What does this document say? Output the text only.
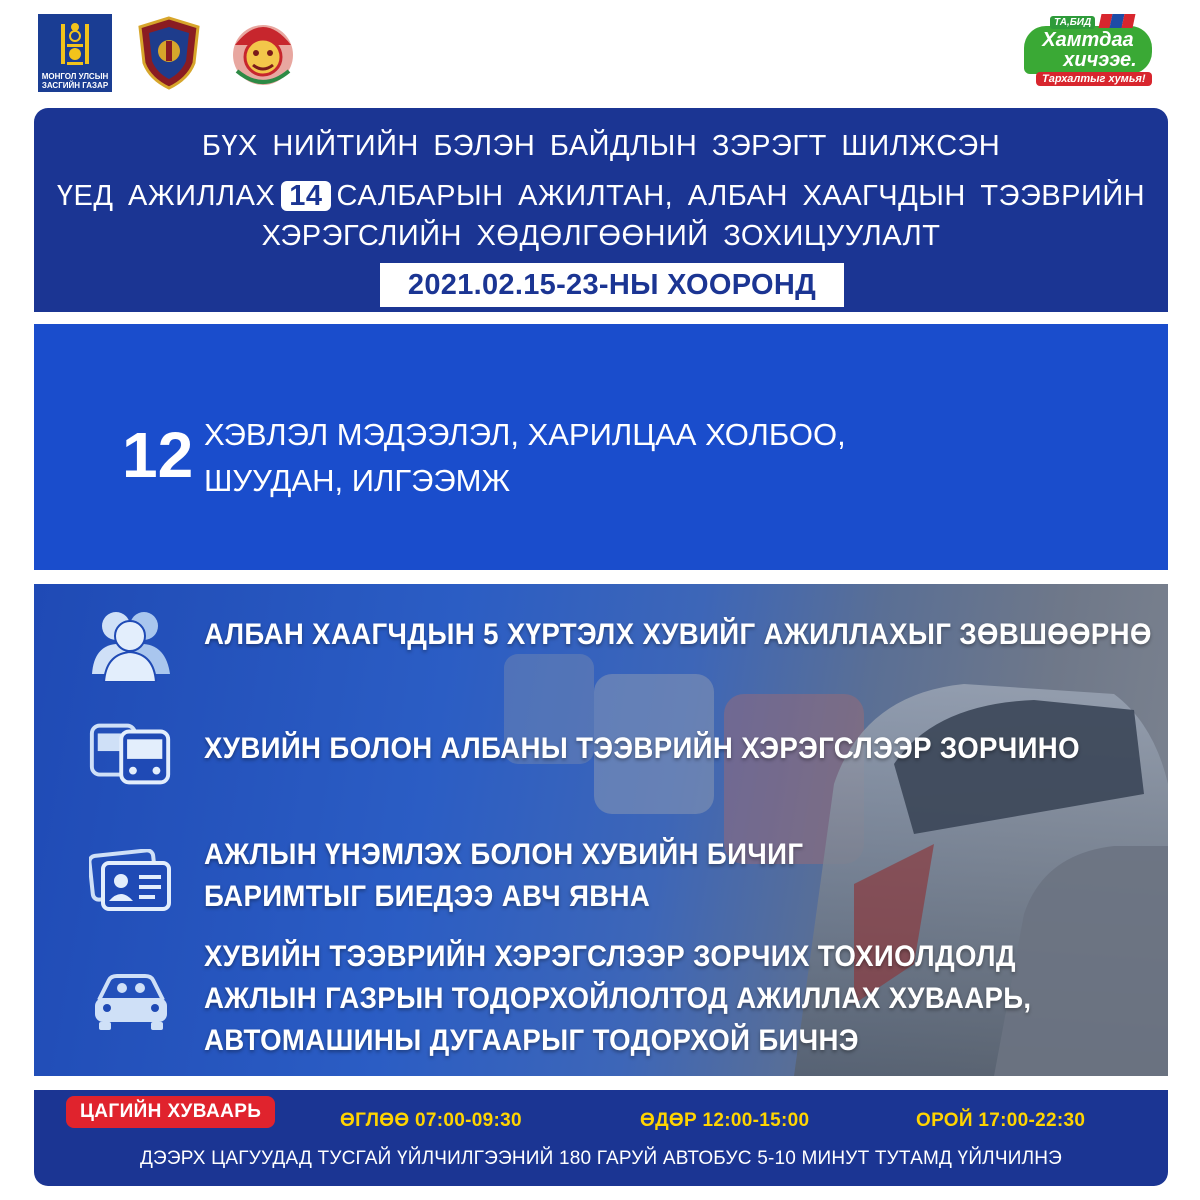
МОНГОЛ УЛСЫН
ЗАСГИЙН ГАЗАР
Хамтдаа
хичээе.
ТА,БИД
Тархалтыг хумья!
БҮХ НИЙТИЙН БЭЛЭН БАЙДЛЫН ЗЭРЭГТ ШИЛЖСЭН
ҮЕД АЖИЛЛАХ 14 САЛБАРЫН АЖИЛТАН, АЛБАН ХААГЧДЫН ТЭЭВРИЙН
ХЭРЭГСЛИЙН ХӨДӨЛГӨӨНИЙ ЗОХИЦУУЛАЛТ
2021.02.15-23-НЫ ХООРОНД
12 ХЭВЛЭЛ МЭДЭЭЛЭЛ, ХАРИЛЦАА ХОЛБОО,
ШУУДАН, ИЛГЭЭМЖ
АЛБАН ХААГЧДЫН 5 ХҮРТЭЛХ ХУВИЙГ АЖИЛЛАХЫГ ЗӨВШӨӨРНӨ
ХУВИЙН БОЛОН АЛБАНЫ ТЭЭВРИЙН ХЭРЭГСЛЭЭР ЗОРЧИНО
АЖЛЫН ҮНЭМЛЭХ БОЛОН ХУВИЙН БИЧИГ
БАРИМТЫГ БИЕДЭЭ АВЧ ЯВНА
ХУВИЙН ТЭЭВРИЙН ХЭРЭГСЛЭЭР ЗОРЧИХ ТОХИОЛДОЛД
АЖЛЫН ГАЗРЫН ТОДОРХОЙЛОЛТОД АЖИЛЛАХ ХУВААРЬ,
АВТОМАШИНЫ ДУГААРЫГ ТОДОРХОЙ БИЧНЭ
ЦАГИЙН ХУВААРЬ	ӨГЛӨӨ 07:00-09:30	ӨДӨР 12:00-15:00	ОРОЙ 17:00-22:30
ДЭЭРХ ЦАГУУДАД ТУСГАЙ ҮЙЛЧИЛГЭЭНИЙ 180 ГАРУЙ АВТОБУС 5-10 МИНУТ ТУТАМД ҮЙЛЧИЛНЭ
